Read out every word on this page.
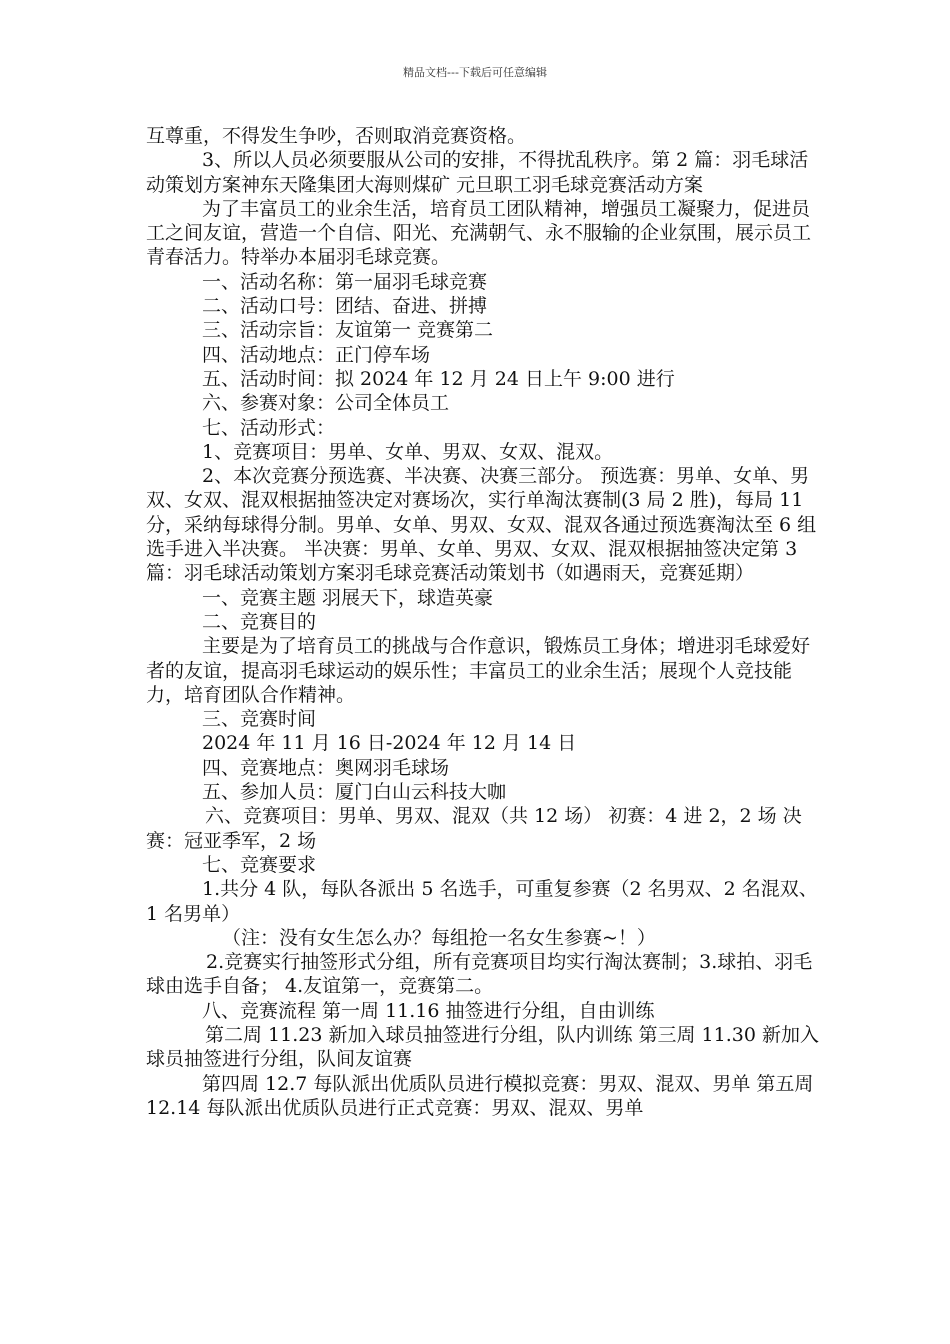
精品文档---下载后可任意编辑

互尊重，不得发生争吵，否则取消竞赛资格。

3、所以人员必须要服从公司的安排，不得扰乱秩序。第 2 篇：羽毛球活动策划方案神东天隆集团大海则煤矿 元旦职工羽毛球竞赛活动方案

为了丰富员工的业余生活，培育员工团队精神，增强员工凝聚力，促进员工之间友谊，营造一个自信、阳光、充满朝气、永不服输的企业氛围，展示员工青春活力。特举办本届羽毛球竞赛。

一、活动名称：第一届羽毛球竞赛

二、活动口号：团结、奋进、拼搏

三、活动宗旨：友谊第一 竞赛第二

四、活动地点：正门停车场

五、活动时间：拟 2024 年 12 月 24 日上午 9:00 进行

六、参赛对象：公司全体员工

七、活动形式：

1、竞赛项目：男单、女单、男双、女双、混双。

2、本次竞赛分预选赛、半决赛、决赛三部分。 预选赛：男单、女单、男双、女双、混双根据抽签决定对赛场次，实行单淘汰赛制(3 局 2 胜)，每局 11 分，采纳每球得分制。男单、女单、男双、女双、混双各通过预选赛淘汰至 6 组选手进入半决赛。 半决赛：男单、女单、男双、女双、混双根据抽签决定第 3 篇：羽毛球活动策划方案羽毛球竞赛活动策划书（如遇雨天，竞赛延期）

一、竞赛主题 羽展天下，球造英豪

二、竞赛目的

主要是为了培育员工的挑战与合作意识，锻炼员工身体；增进羽毛球爱好者的友谊，提高羽毛球运动的娱乐性；丰富员工的业余生活；展现个人竞技能力，培育团队合作精神。

三、竞赛时间

2024 年 11 月 16 日-2024 年 12 月 14 日

四、竞赛地点：奥网羽毛球场

五、参加人员：厦门白山云科技大咖

六、竞赛项目：男单、男双、混双（共 12 场） 初赛：4 进 2，2 场 决赛：冠亚季军，2 场

七、竞赛要求

1.共分 4 队，每队各派出 5 名选手，可重复参赛（2 名男双、2 名混双、1 名男单）

（注：没有女生怎么办？每组抢一名女生参赛~！）

2.竞赛实行抽签形式分组，所有竞赛项目均实行淘汰赛制；3.球拍、羽毛球由选手自备； 4.友谊第一，竞赛第二。

八、竞赛流程 第一周 11.16 抽签进行分组，自由训练

第二周 11.23 新加入球员抽签进行分组，队内训练 第三周 11.30 新加入球员抽签进行分组，队间友谊赛

第四周 12.7 每队派出优质队员进行模拟竞赛：男双、混双、男单 第五周 12.14 每队派出优质队员进行正式竞赛：男双、混双、男单
